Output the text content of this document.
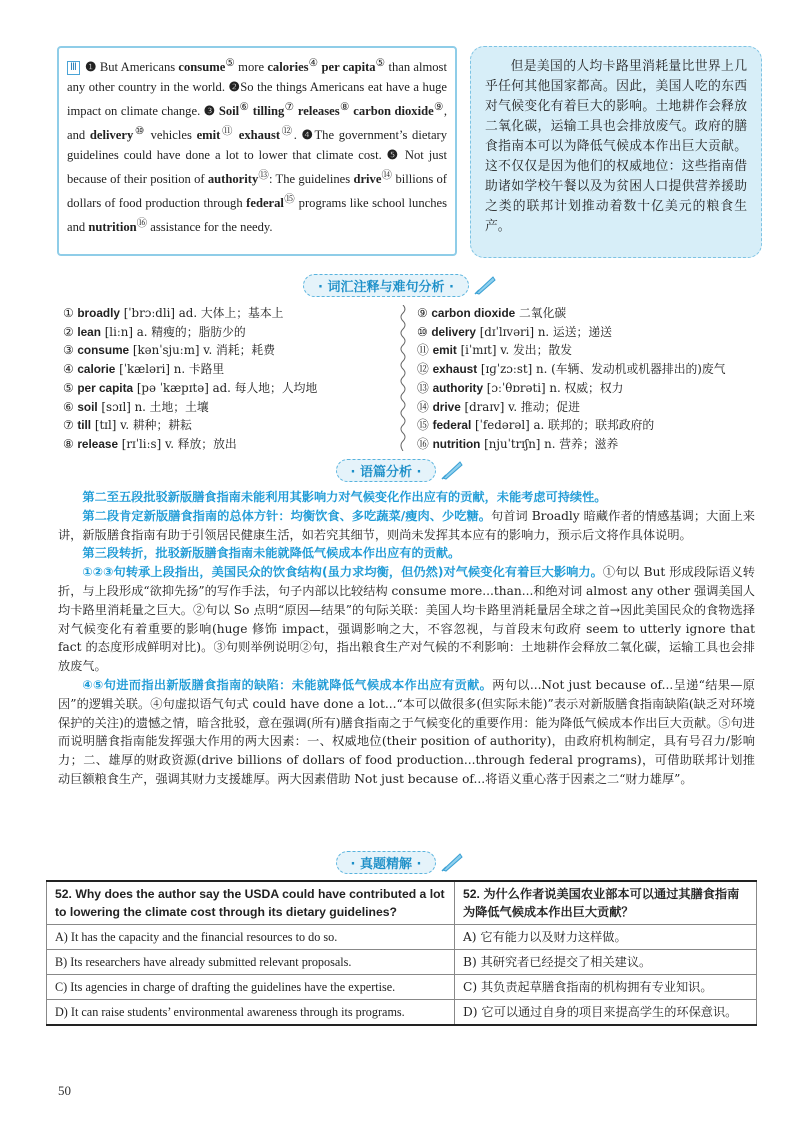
Ⅲ ❶ But Americans consume⑤ more calories④ per capita⑤ than almost any other country in the world. ❷So the things Americans eat have a huge impact on climate change. ❸ Soil⑥ tilling⑦ releases⑧ carbon dioxide⑨, and delivery⑩ vehicles emit⑪ exhaust⑫. ❹The government’s dietary guidelines could have done a lot to lower that climate cost. ❺ Not just because of their position of authority⑬: The guidelines drive⑭ billions of dollars of food production through federal⑮ programs like school lunches and nutrition⑯ assistance for the needy.
但是美国的人均卡路里消耗量比世界上几乎任何其他国家都高。因此，美国人吃的东西对气候变化有着巨大的影响。土地耕作会释放二氧化碳，运输工具也会排放废气。政府的膳食指南本可以为降低气候成本作出巨大贡献。这不仅仅是因为他们的权威地位：这些指南借助诸如学校午餐以及为贫困人口提供营养援助之类的联邦计划推动着数十亿美元的粮食生产。
· 词汇注释与难句分析 ·
① broadly [ˈbrɔːdli] ad. 大体上；基本上
② lean [liːn] a. 精瘦的；脂肪少的
③ consume [kənˈsjuːm] v. 消耗；耗费
④ calorie [ˈkæləri] n. 卡路里
⑤ per capita [pə ˈkæpɪtə] ad. 每人地；人均地
⑥ soil [sɔɪl] n. 土地；土壤
⑦ till [tɪl] v. 耕种；耕耘
⑧ release [rɪˈliːs] v. 释放；放出
⑨ carbon dioxide 二氧化碳
⑩ delivery [dɪˈlɪvəri] n. 运送；递送
⑪ emit [iˈmɪt] v. 发出；散发
⑫ exhaust [ɪɡˈzɔːst] n. (车辆、发动机或机器排出的)废气
⑬ authority [ɔːˈθɒrəti] n. 权威；权力
⑭ drive [draɪv] v. 推动；促进
⑮ federal [ˈfedərəl] a. 联邦的；联邦政府的
⑯ nutrition [njuˈtrɪʃn] n. 营养；滋养
· 语篇分析 ·

第二至五段批驳新版膳食指南未能利用其影响力对气候变化作出应有的贡献，未能考虑可持续性。

第二段肯定新版膳食指南的总体方针：均衡饮食、多吃蔬菜/瘦肉、少吃糖。句首词 Broadly 暗藏作者的情感基调；大面上来讲，新版膳食指南有助于引领居民健康生活，如若究其细节，则尚未发挥其本应有的影响力，预示后文将作具体说明。

第三段转折，批驳新版膳食指南未能就降低气候成本作出应有的贡献。

①②③句转承上段指出，美国民众的饮食结构(虽力求均衡，但仍然)对气候变化有着巨大影响力。①句以 But 形成段际语义转折，与上段形成“欲抑先扬”的写作手法，句子内部以比较结构 consume more...than...和绝对词 almost any other 强调美国人均卡路里消耗量之巨大。②句以 So 点明“原因—结果”的句际关联：美国人均卡路里消耗量居全球之首→因此美国民众的食物选择对气候变化有着重要的影响(huge 修饰 impact，强调影响之大，不容忽视，与首段末句政府 seem to utterly ignore that fact 的态度形成鲜明对比)。③句则举例说明②句，指出粮食生产对气候的不利影响：土地耕作会释放二氧化碳，运输工具也会排放废气。

④⑤句进而指出新版膳食指南的缺陷：未能就降低气候成本作出应有贡献。两句以...Not just because of...呈递“结果—原因”的逻辑关联。④句虚拟语气句式 could have done a lot...“本可以做很多(但实际未能)”表示对新版膳食指南缺陷(缺乏对环境保护的关注)的遗憾之情，暗含批驳，意在强调(所有)膳食指南之于气候变化的重要作用：能为降低气候成本作出巨大贡献。⑤句进而说明膳食指南能发挥强大作用的两大因素：一、权威地位(their position of authority)，由政府机构制定，具有号召力/影响力；二、雄厚的财政资源(drive billions of dollars of food production...through federal programs)，可借助联邦计划推动巨额粮食生产，强调其财力支援雄厚。两大因素借助 Not just because of...将语义重心落于因素之二“财力雄厚”。

· 真题精解 ·
52. Why does the author say the USDA could have contributed a lot to lowering the climate cost through its dietary guidelines?	52. 为什么作者说美国农业部本可以通过其膳食指南为降低气候成本作出巨大贡献？
A) It has the capacity and the financial resources to do so.	A) 它有能力以及财力这样做。
B) Its researchers have already submitted relevant proposals.	B) 其研究者已经提交了相关建议。
C) Its agencies in charge of drafting the guidelines have the expertise.	C) 其负责起草膳食指南的机构拥有专业知识。
D) It can raise students’ environmental awareness through its programs.	D) 它可以通过自身的项目来提高学生的环保意识。
50
